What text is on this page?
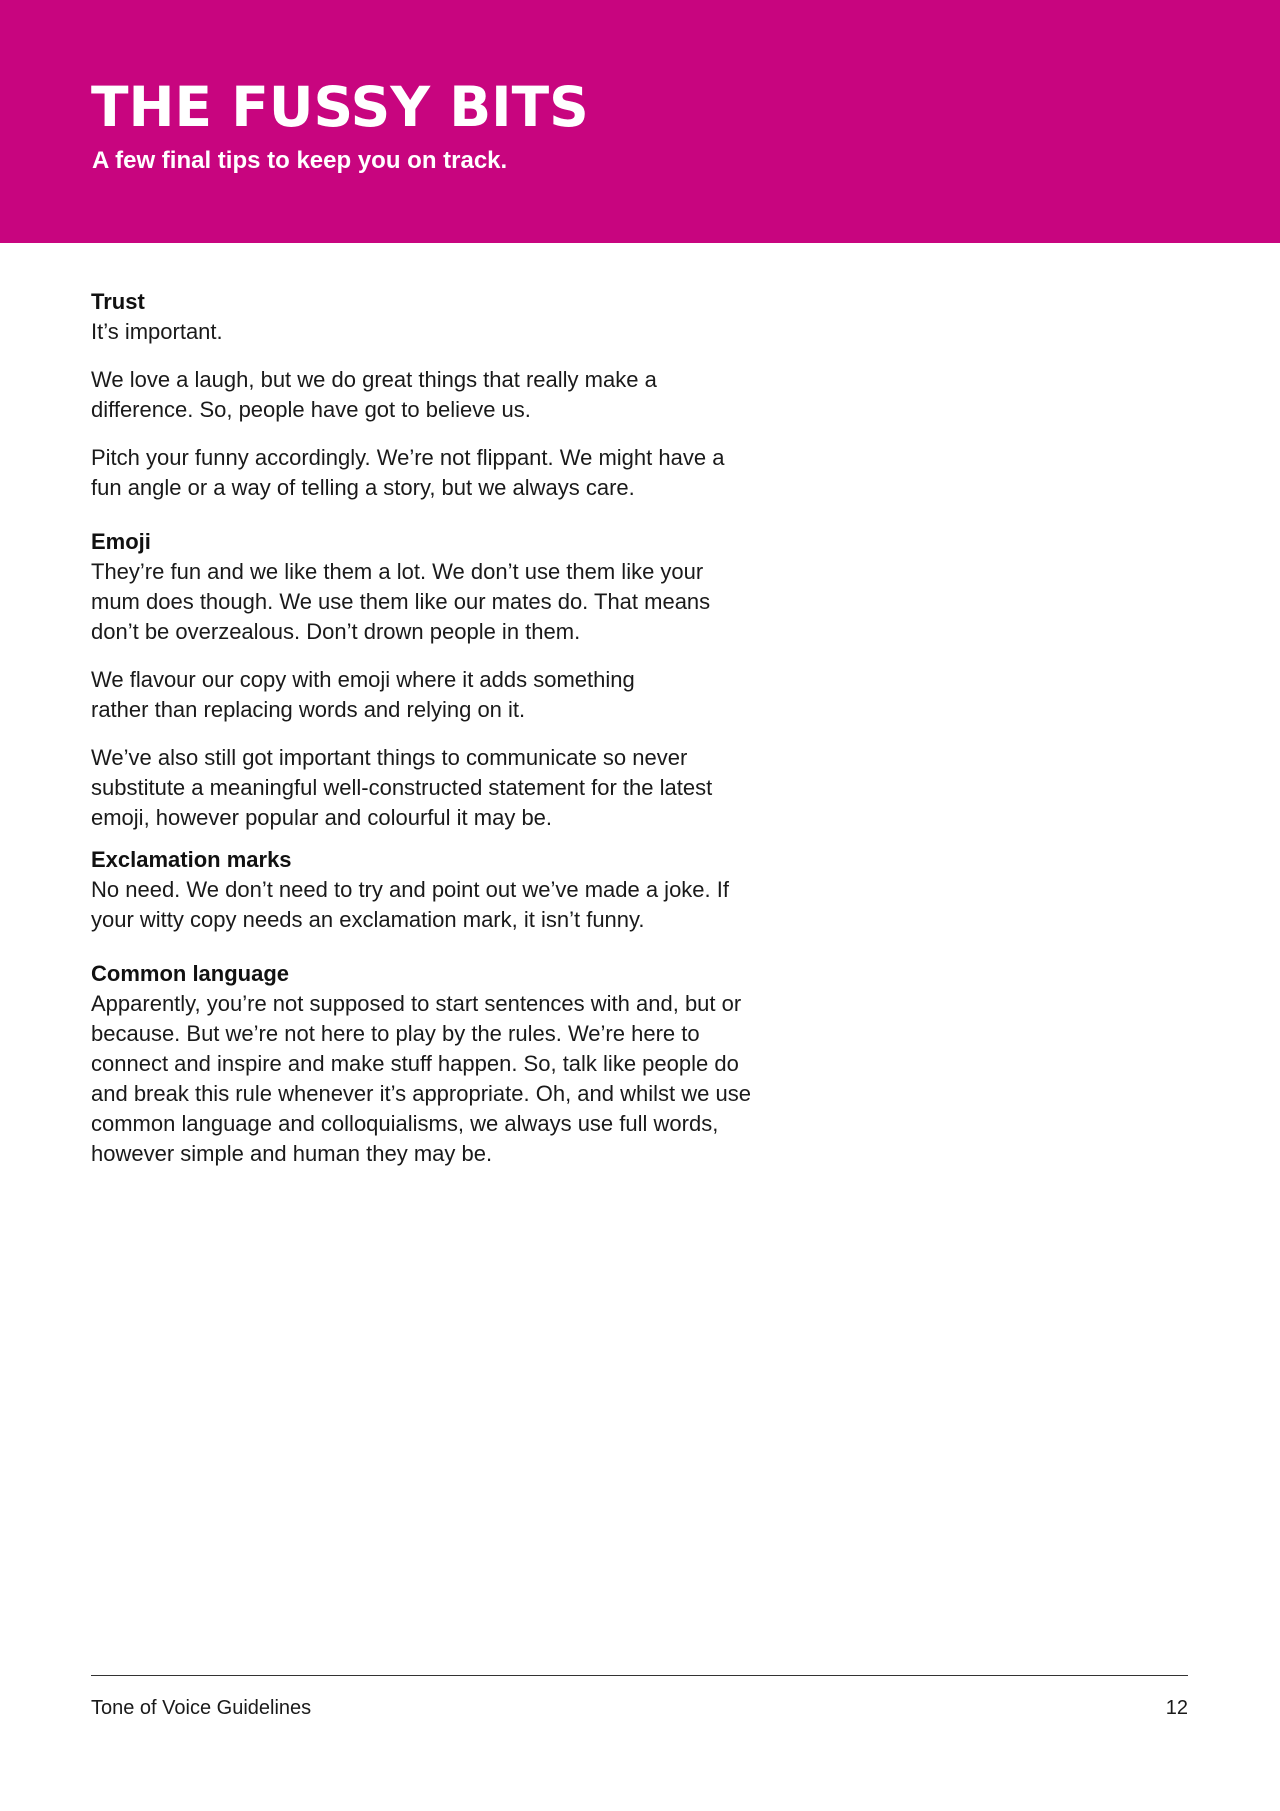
THE FUSSY BITS

A few final tips to keep you on track.

Trust

It’s important.

We love a laugh, but we do great things that really make a difference. So, people have got to believe us.

Pitch your funny accordingly. We’re not flippant. We might have a fun angle or a way of telling a story, but we always care.

Emoji

They’re fun and we like them a lot. We don’t use them like your mum does though. We use them like our mates do. That means don’t be overzealous. Don’t drown people in them.

We flavour our copy with emoji where it adds something rather than replacing words and relying on it.

We’ve also still got important things to communicate so never substitute a meaningful well-constructed statement for the latest emoji, however popular and colourful it may be.

Exclamation marks

No need. We don’t need to try and point out we’ve made a joke. If your witty copy needs an exclamation mark, it isn’t funny.

Common language

Apparently, you’re not supposed to start sentences with and, but or because. But we’re not here to play by the rules. We’re here to connect and inspire and make stuff happen. So, talk like people do and break this rule whenever it’s appropriate. Oh, and whilst we use common language and colloquialisms, we always use full words, however simple and human they may be.

Tone of Voice Guidelines	12
